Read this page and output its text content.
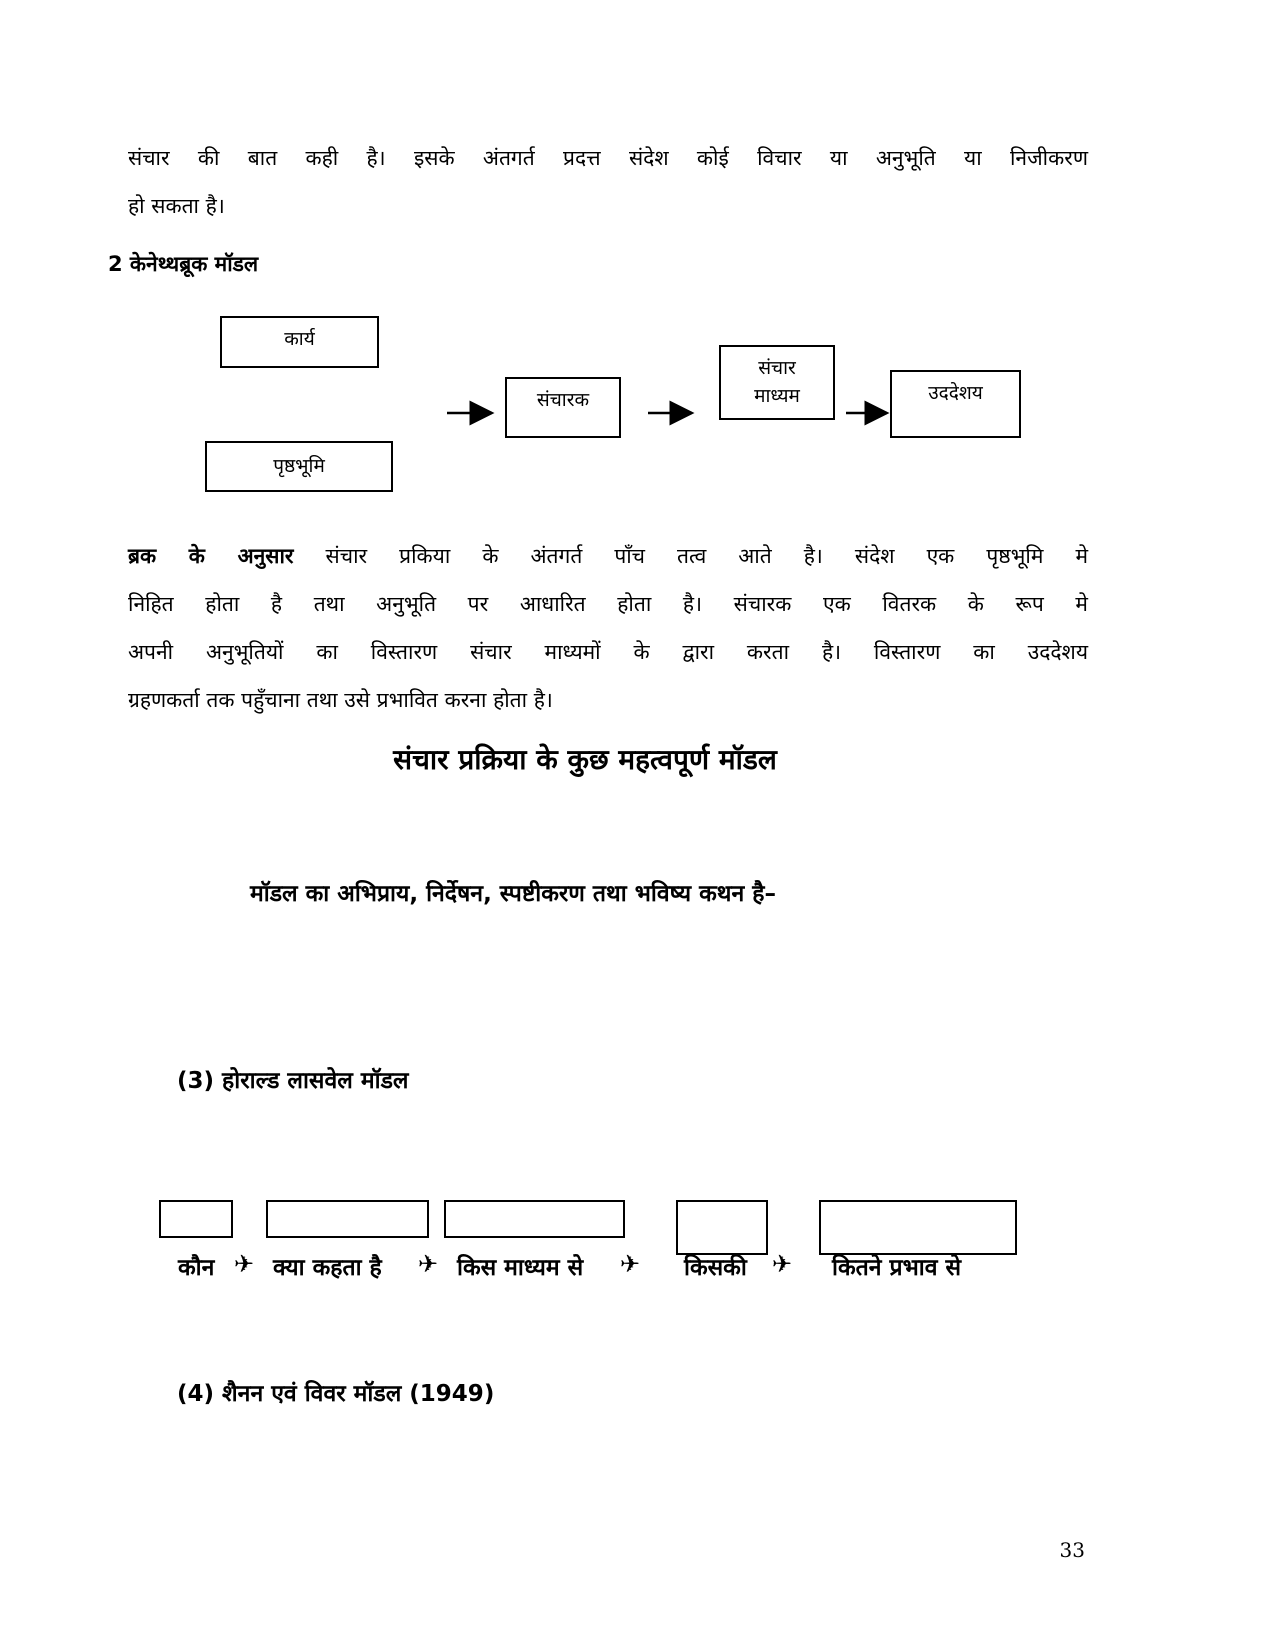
संचार की बात कही है। इसके अंतगर्त प्रदत्त संदेश कोई विचार या अनुभूति या निजीकरण
हो सकता है।
2 केनेथ्थब्रूक मॉडल
कार्य
पृष्ठभूमि
संचारक
संचार
माध्यम	उददेशय
ब्रक के अनुसार संचार प्रकिया के अंतगर्त पाँच तत्व आते है। संदेश एक पृष्ठभूमि मे
निहित होता है तथा अनुभूति पर आधारित होता है। संचारक एक वितरक के रूप मे
अपनी अनुभूतियों का विस्तारण संचार माध्यमों के द्वारा करता है। विस्तारण का उददेशय
ग्रहणकर्ता तक पहुँचाना तथा उसे प्रभावित करना होता है।
संचार प्रक्रिया के कुछ महत्वपूर्ण मॉडल
मॉडल का अभिप्राय, निर्देषन, स्पष्टीकरण तथा भविष्य कथन है–
(3) होराल्ड लासवेल मॉडल
कौन ✈ क्या कहता है ✈ किस माध्यम से ✈ किसकी ✈ कितने प्रभाव से
(4) शैनन एवं विवर मॉडल (1949)
33
